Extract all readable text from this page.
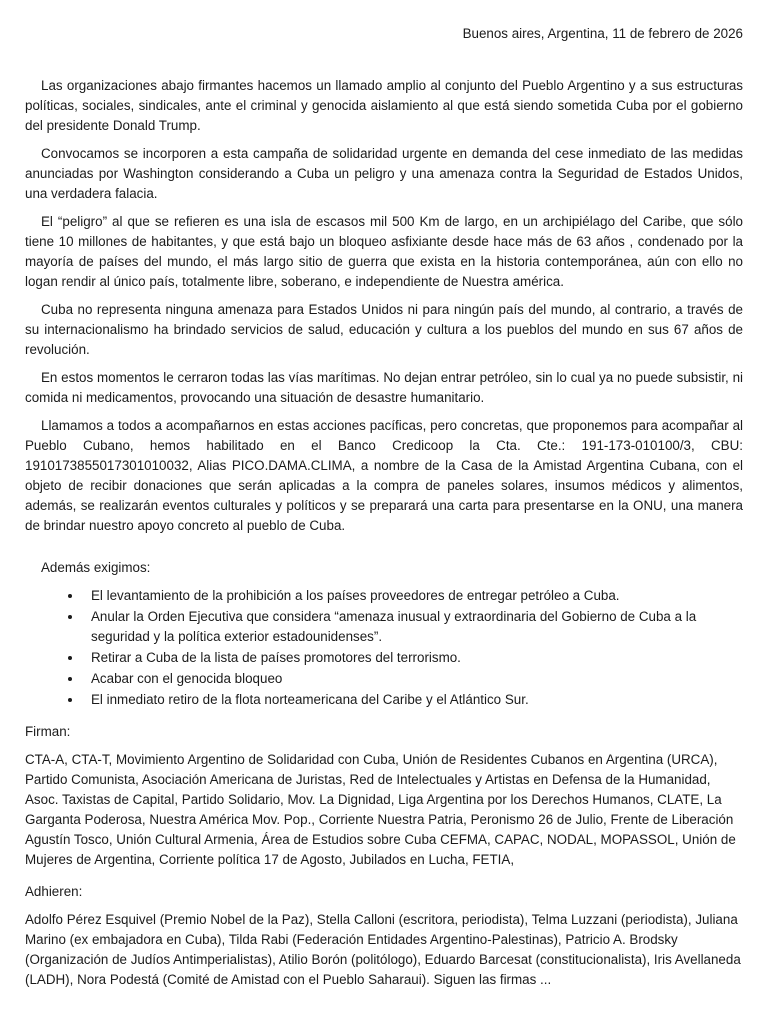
Buenos aires, Argentina, 11 de febrero de 2026

Las organizaciones abajo firmantes hacemos un llamado amplio al conjunto del Pueblo Argentino y a sus estructuras políticas, sociales, sindicales, ante el criminal y genocida aislamiento al que está siendo sometida Cuba por el gobierno del presidente Donald Trump.

Convocamos se incorporen a esta campaña de solidaridad urgente en demanda del cese inmediato de las medidas anunciadas por Washington considerando a Cuba un peligro y una amenaza contra la Seguridad de Estados Unidos, una verdadera falacia.

El “peligro” al que se refieren es una isla de escasos mil 500 Km de largo, en un archipiélago del Caribe, que sólo tiene 10 millones de habitantes, y que está bajo un bloqueo asfixiante desde hace más de 63 años , condenado por la mayoría de países del mundo, el más largo sitio de guerra que exista en la historia contemporánea, aún con ello no logan rendir al único país, totalmente libre, soberano, e independiente de Nuestra américa.

Cuba no representa ninguna amenaza para Estados Unidos ni para ningún país del mundo, al contrario, a través de su internacionalismo ha brindado servicios de salud, educación y cultura a los pueblos del mundo en sus 67 años de revolución.

En estos momentos le cerraron todas las vías marítimas. No dejan entrar petróleo, sin lo cual ya no puede subsistir, ni comida ni medicamentos, provocando una situación de desastre humanitario.

Llamamos a todos a acompañarnos en estas acciones pacíficas, pero concretas, que proponemos para acompañar al Pueblo Cubano, hemos habilitado en el Banco Credicoop la Cta. Cte.: 191-173-010100/3, CBU: 1910173855017301010032, Alias PICO.DAMA.CLIMA, a nombre de la Casa de la Amistad Argentina Cubana, con el objeto de recibir donaciones que serán aplicadas a la compra de paneles solares, insumos médicos y alimentos, además, se realizarán eventos culturales y políticos y se preparará una carta para presentarse en la ONU, una manera de brindar nuestro apoyo concreto al pueblo de Cuba.

Además exigimos:

• El levantamiento de la prohibición a los países proveedores de entregar petróleo a Cuba.
• Anular la Orden Ejecutiva que considera “amenaza inusual y extraordinaria del Gobierno de Cuba a la seguridad y la política exterior estadounidenses”.
• Retirar a Cuba de la lista de países promotores del terrorismo.
• Acabar con el genocida bloqueo
• El inmediato retiro de la flota norteamericana del Caribe y el Atlántico Sur.

Firman:

CTA-A, CTA-T, Movimiento Argentino de Solidaridad con Cuba, Unión de Residentes Cubanos en Argentina (URCA), Partido Comunista, Asociación Americana de Juristas, Red de Intelectuales y Artistas en Defensa de la Humanidad, Asoc. Taxistas de Capital, Partido Solidario, Mov. La Dignidad, Liga Argentina por los Derechos Humanos, CLATE, La Garganta Poderosa, Nuestra América Mov. Pop., Corriente Nuestra Patria, Peronismo 26 de Julio, Frente de Liberación Agustín Tosco, Unión Cultural Armenia, Área de Estudios sobre Cuba CEFMA, CAPAC, NODAL, MOPASSOL, Unión de Mujeres de Argentina, Corriente política 17 de Agosto, Jubilados en Lucha, FETIA,

Adhieren:

Adolfo Pérez Esquivel (Premio Nobel de la Paz), Stella Calloni (escritora, periodista), Telma Luzzani (periodista), Juliana Marino (ex embajadora en Cuba), Tilda Rabi (Federación Entidades Argentino-Palestinas), Patricio A. Brodsky (Organización de Judíos Antimperialistas), Atilio Borón (politólogo), Eduardo Barcesat (constitucionalista), Iris Avellaneda (LADH), Nora Podestá (Comité de Amistad con el Pueblo Saharaui). Siguen las firmas ...
